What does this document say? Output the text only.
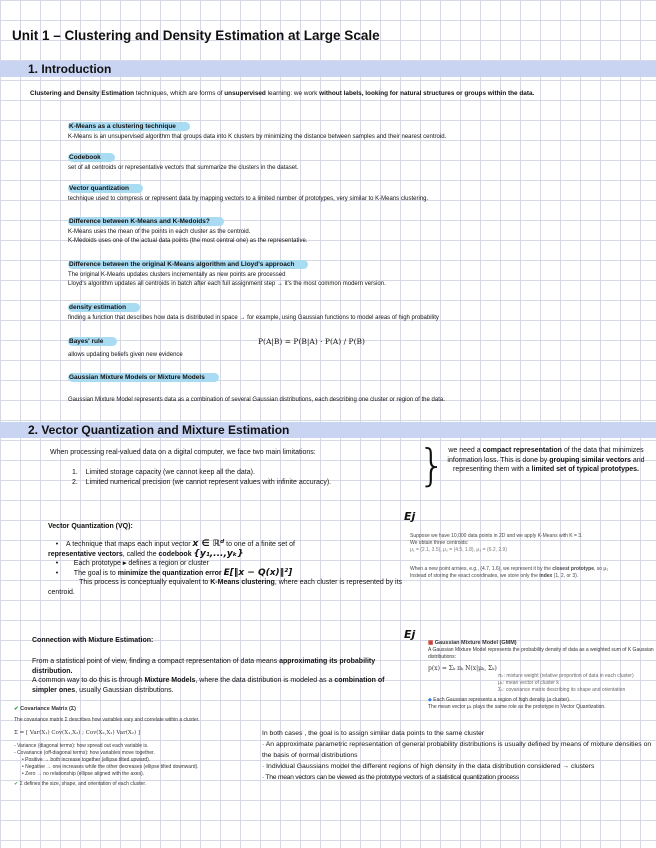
Unit 1 – Clustering and Density Estimation at Large Scale
1. Introduction
Clustering and Density Estimation techniques, which are forms of unsupervised learning: we work without labels, looking for natural structures or groups within the data.
K-Means as a clustering technique
K-Means is an unsupervised algorithm that groups data into K clusters by minimizing the distance between samples and their nearest centroid.
Codebook
set of all centroids or representative vectors that summarize the clusters in the dataset.
Vector quantization
technique used to compress or represent data by mapping vectors to a limited number of prototypes, very similar to K-Means clustering.
Difference between K-Means and K-Medoids?
K-Means uses the mean of the points in each cluster as the centroid.
K-Medoids uses one of the actual data points (the most central one) as the representative.
Difference between the original K-Means algorithm and Lloyd's approach
The original K-Means updates clusters incrementally as new points are processed
Lloyd's algorithm updates all centroids in batch after each full assignment step → it's the most common modern version.
density estimation
finding a function that describes how data is distributed in space → for example, using Gaussian functions to model areas of high probability
Bayes' rule
allows updating beliefs given new evidence
P(A|B) = P(B|A) · P(A) / P(B)
Gaussian Mixture Models or Mixture Models
Gaussian Mixture Model represents data as a combination of several Gaussian distributions, each describing one cluster or region of the data.
2. Vector Quantization and Mixture Estimation
When processing real-valued data on a digital computer, we face two main limitations:
1. Limited storage capacity (we cannot keep all the data).
2. Limited numerical precision (we cannot represent values with infinite accuracy).	} we need a compact representation of the data that minimizes information loss. This is done by grouping similar vectors and representing them with a limited set of typical prototypes.
Vector Quantization (VQ):
•    A technique that maps each input vector x ∈ ℝᵈ to one of a finite set of
representative vectors, called the codebook {y₁,...,yₖ}
•        Each prototype ▸ defines a region or cluster
•        The goal is to minimize the quantization error E[‖x − Q(x)‖²]
This process is conceptually equivalent to K-Means clustering, where each cluster is represented by its centroid.
Ej
Suppose we have 10,000 data points in 2D and we apply K-Means with K = 3.
We obtain three centroids:
μ₁ = (2.1, 3.5), μ₂ = (4.5, 1.8), μ₃ = (6.2, 2.9)
When a new point arrives, e.g., (4.7, 1.6), we represent it by the closest prototype, so μ₂
Instead of storing the exact coordinates, we store only the index (1, 2, or 3).
Connection with Mixture Estimation:
From a statistical point of view, finding a compact representation of data means approximating its probability distribution.
A common way to do this is through Mixture Models, where the data distribution is modeled as a combination of simpler ones, usually Gaussian distributions.
Ej
▦ Gaussian Mixture Model (GMM)
A Gaussian Mixture Model represents the probability density of data as a weighted sum of K Gaussian distributions:
p(x) = Σₖ πₖ N(x|μₖ, Σₖ)
πₖ: mixture weight (relative proportion of data in each cluster)
μₖ: mean vector of cluster k
Σₖ: covariance matrix describing its shape and orientation
◆ Each Gaussian represents a region of high density (a cluster).
The mean vector μₖ plays the same role as the prototype in Vector Quantization.
✔ Covariance Matrix (Σ)
The covariance matrix Σ describes how variables vary and correlate within a cluster.
Σ = [ Var(X₁) Cov(X₁,X₂) ; Cov(X₂,X₁) Var(X₂) ]
- Variance (diagonal terms): how spread out each variable is.
- Covariance (off-diagonal terms): how variables move together.
• Positive → both increase together (ellipse tilted upward).
• Negative → one increases while the other decreases (ellipse tilted downward).
• Zero → no relationship (ellipse aligned with the axes).
✔ Σ defines the size, shape, and orientation of each cluster.
In both cases , the goal is to assign similar data points to the same cluster
· An approximate parametric representation of general probability distributions is usually defined by means of mixture densities on the basis of normal distributions
· Individual Gaussians model the different regions of high density in the data distribution considered → clusters
· The mean vectors can be viewed as the prototype vectors of a statistical quantization process
